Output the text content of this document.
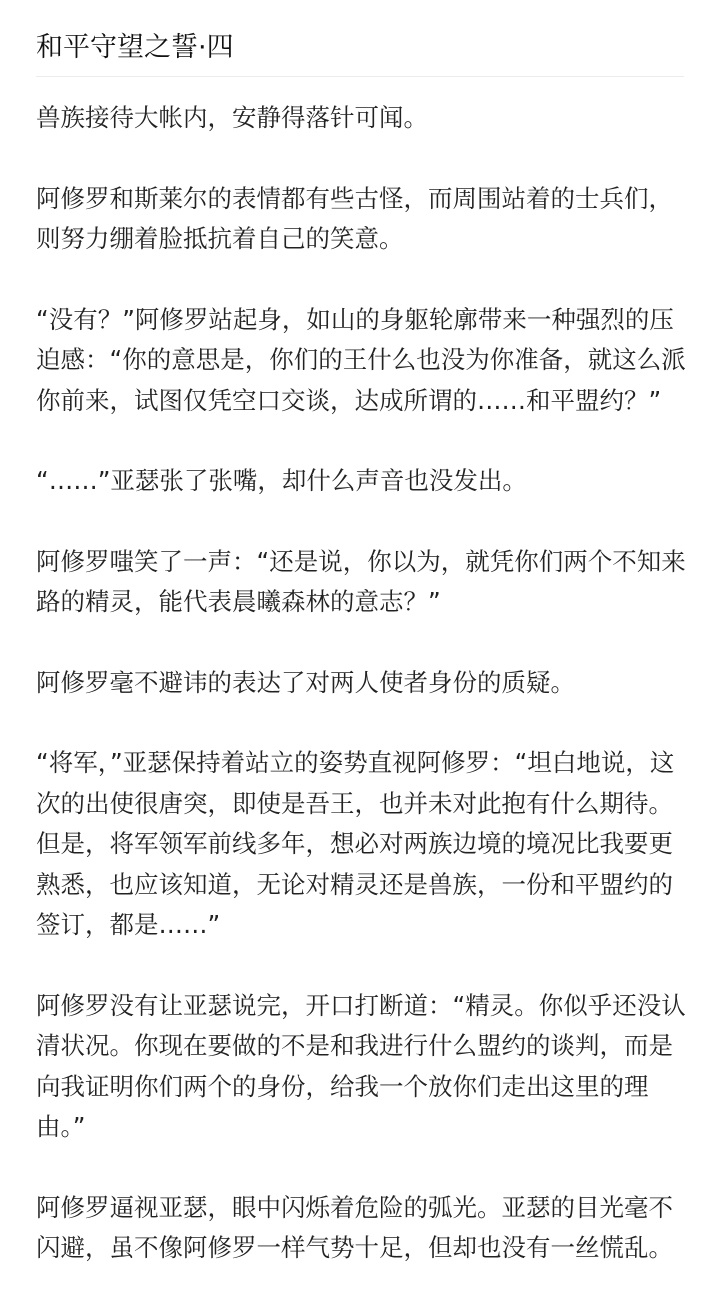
和平守望之誓·四

兽族接待大帐内，安静得落针可闻。

阿修罗和斯莱尔的表情都有些古怪，而周围站着的士兵们，
则努力绷着脸抵抗着自己的笑意。

“没有？”阿修罗站起身，如山的身躯轮廓带来一种强烈的压
迫感：“你的意思是，你们的王什么也没为你准备，就这么派
你前来，试图仅凭空口交谈，达成所谓的……和平盟约？”

“……”亚瑟张了张嘴，却什么声音也没发出。

阿修罗嗤笑了一声：“还是说，你以为，就凭你们两个不知来
路的精灵，能代表晨曦森林的意志？”

阿修罗毫不避讳的表达了对两人使者身份的质疑。

“将军，”亚瑟保持着站立的姿势直视阿修罗：“坦白地说，这
次的出使很唐突，即使是吾王，也并未对此抱有什么期待。
但是，将军领军前线多年，想必对两族边境的境况比我要更
熟悉，也应该知道，无论对精灵还是兽族，一份和平盟约的
签订，都是……”

阿修罗没有让亚瑟说完，开口打断道：“精灵。你似乎还没认
清状况。你现在要做的不是和我进行什么盟约的谈判，而是
向我证明你们两个的身份，给我一个放你们走出这里的理
由。”

阿修罗逼视亚瑟，眼中闪烁着危险的弧光。亚瑟的目光毫不
闪避，虽不像阿修罗一样气势十足，但却也没有一丝慌乱。
